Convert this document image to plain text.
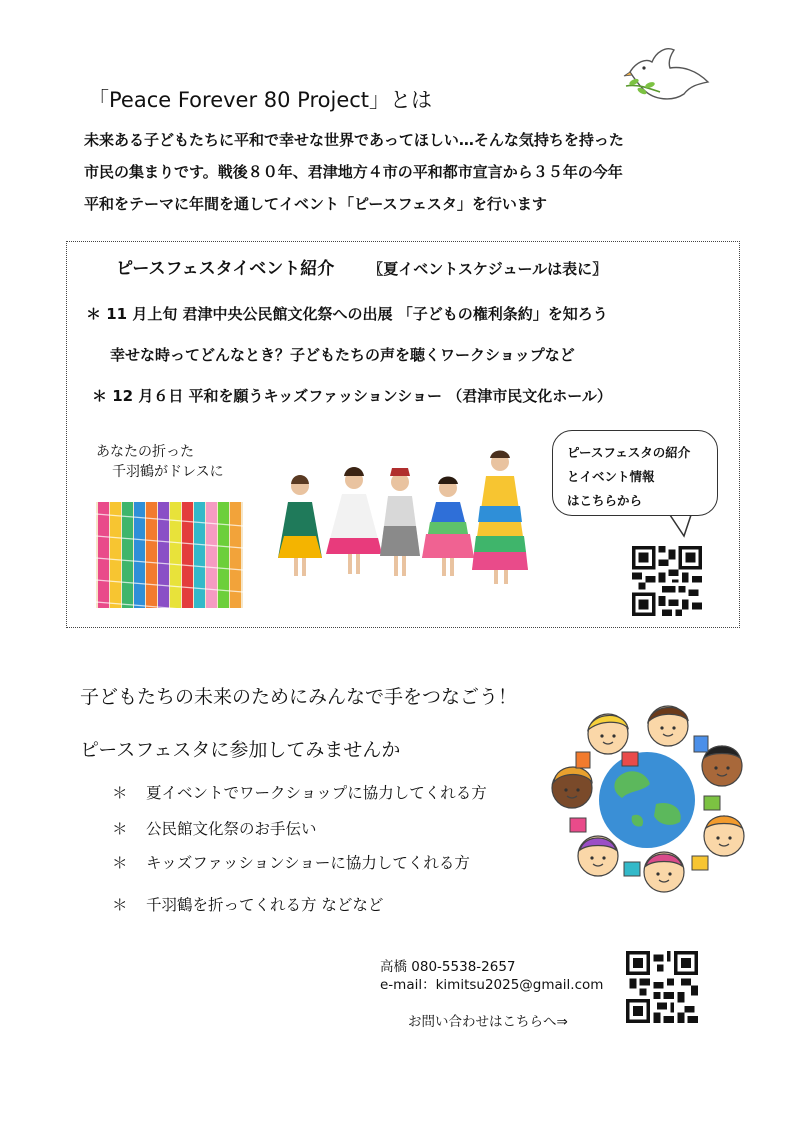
「Peace Forever 80 Project」とは
未来ある子どもたちに平和で幸せな世界であってほしい…そんな気持ちを持った
市民の集まりです。戦後８０年、君津地方４市の平和都市宣言から３５年の今年
平和をテーマに年間を通してイベント「ピースフェスタ」を行います
ピースフェスタイベント紹介 〖夏イベントスケジュールは表に〗
＊ 11 月上旬 君津中央公民館文化祭への出展 「子どもの権利条約」を知ろう
幸せな時ってどんなとき？子どもたちの声を聴くワークショップなど
＊ 12 月６日 平和を願うキッズファッションショー （君津市民文化ホール）
あなたの折った
千羽鶴がドレスに
ピースフェスタの紹介
とイベント情報
はこちらから
子どもたちの未来のためにみんなで手をつなごう！
ピースフェスタに参加してみませんか
＊ 夏イベントでワークショップに協力してくれる方
＊ 公民館文化祭のお手伝い
＊ キッズファッションショーに協力してくれる方
＊ 千羽鶴を折ってくれる方 などなど
高橋 080-5538-2657
e-mail：kimitsu2025@gmail.com
お問い合わせはこちらへ⇒
